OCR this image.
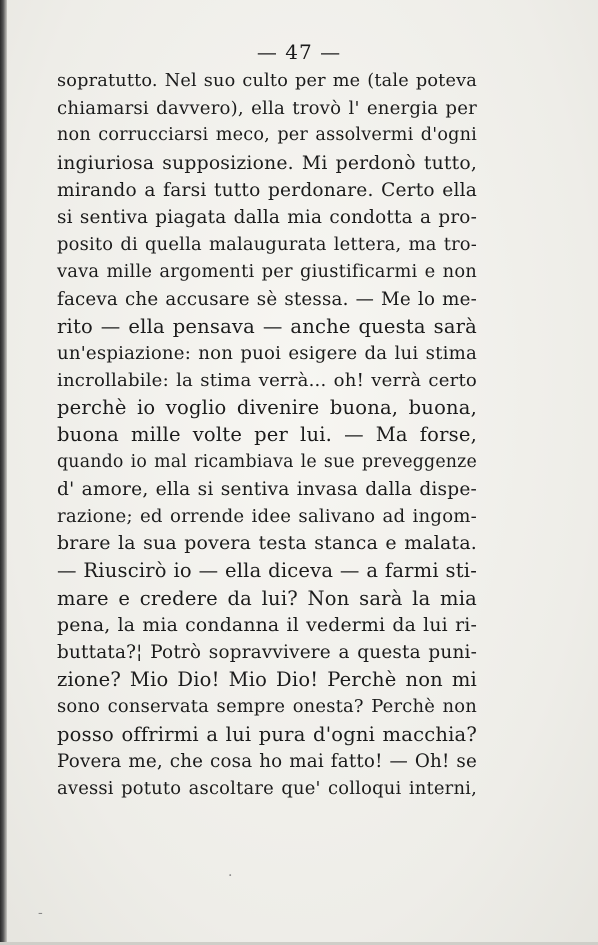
— 47 —
sopratutto. Nel suo culto per me (tale poteva
chiamarsi davvero), ella trovò l' energia per
non corrucciarsi meco, per assolvermi d'ogni
ingiuriosa supposizione. Mi perdonò tutto,
mirando a farsi tutto perdonare. Certo ella
si sentiva piagata dalla mia condotta a pro-
posito di quella malaugurata lettera, ma tro-
vava mille argomenti per giustificarmi e non
faceva che accusare sè stessa. — Me lo me-
rito — ella pensava — anche questa sarà
un'espiazione: non puoi esigere da lui stima
incrollabile: la stima verrà... oh! verrà certo
perchè io voglio divenire buona, buona,
buona mille volte per lui. — Ma forse,
quando io mal ricambiava le sue preveggenze
d' amore, ella si sentiva invasa dalla dispe-
razione; ed orrende idee salivano ad ingom-
brare la sua povera testa stanca e malata.
— Riuscirò io — ella diceva — a farmi sti-
mare e credere da lui? Non sarà la mia
pena, la mia condanna il vedermi da lui ri-
buttata?¦ Potrò sopravvivere a questa puni-
zione? Mio Dio! Mio Dio! Perchè non mi
sono conservata sempre onesta? Perchè non
posso offrirmi a lui pura d'ogni macchia?
Povera me, che cosa ho mai fatto! — Oh! se
avessi potuto ascoltare que' colloqui interni,
·
-
